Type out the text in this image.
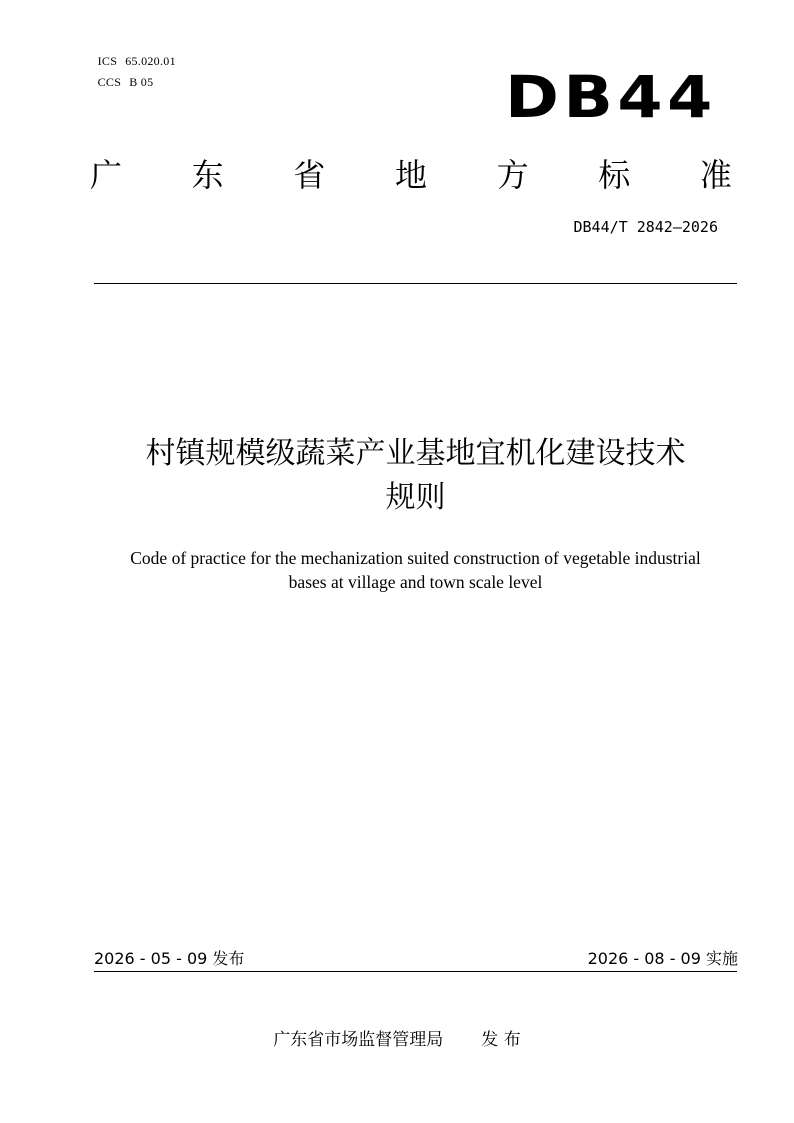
ICS 65.020.01

CCS B 05	DB44
广 东 省 地 方 标 准
DB44/T 2842—2026
村镇规模级蔬菜产业基地宜机化建设技术
规则
Code of practice for the mechanization suited construction of vegetable industrial
bases at village and town scale level
2026 - 05 - 09 发布	2026 - 08 - 09 实施
广东省市场监督管理局 发 布
